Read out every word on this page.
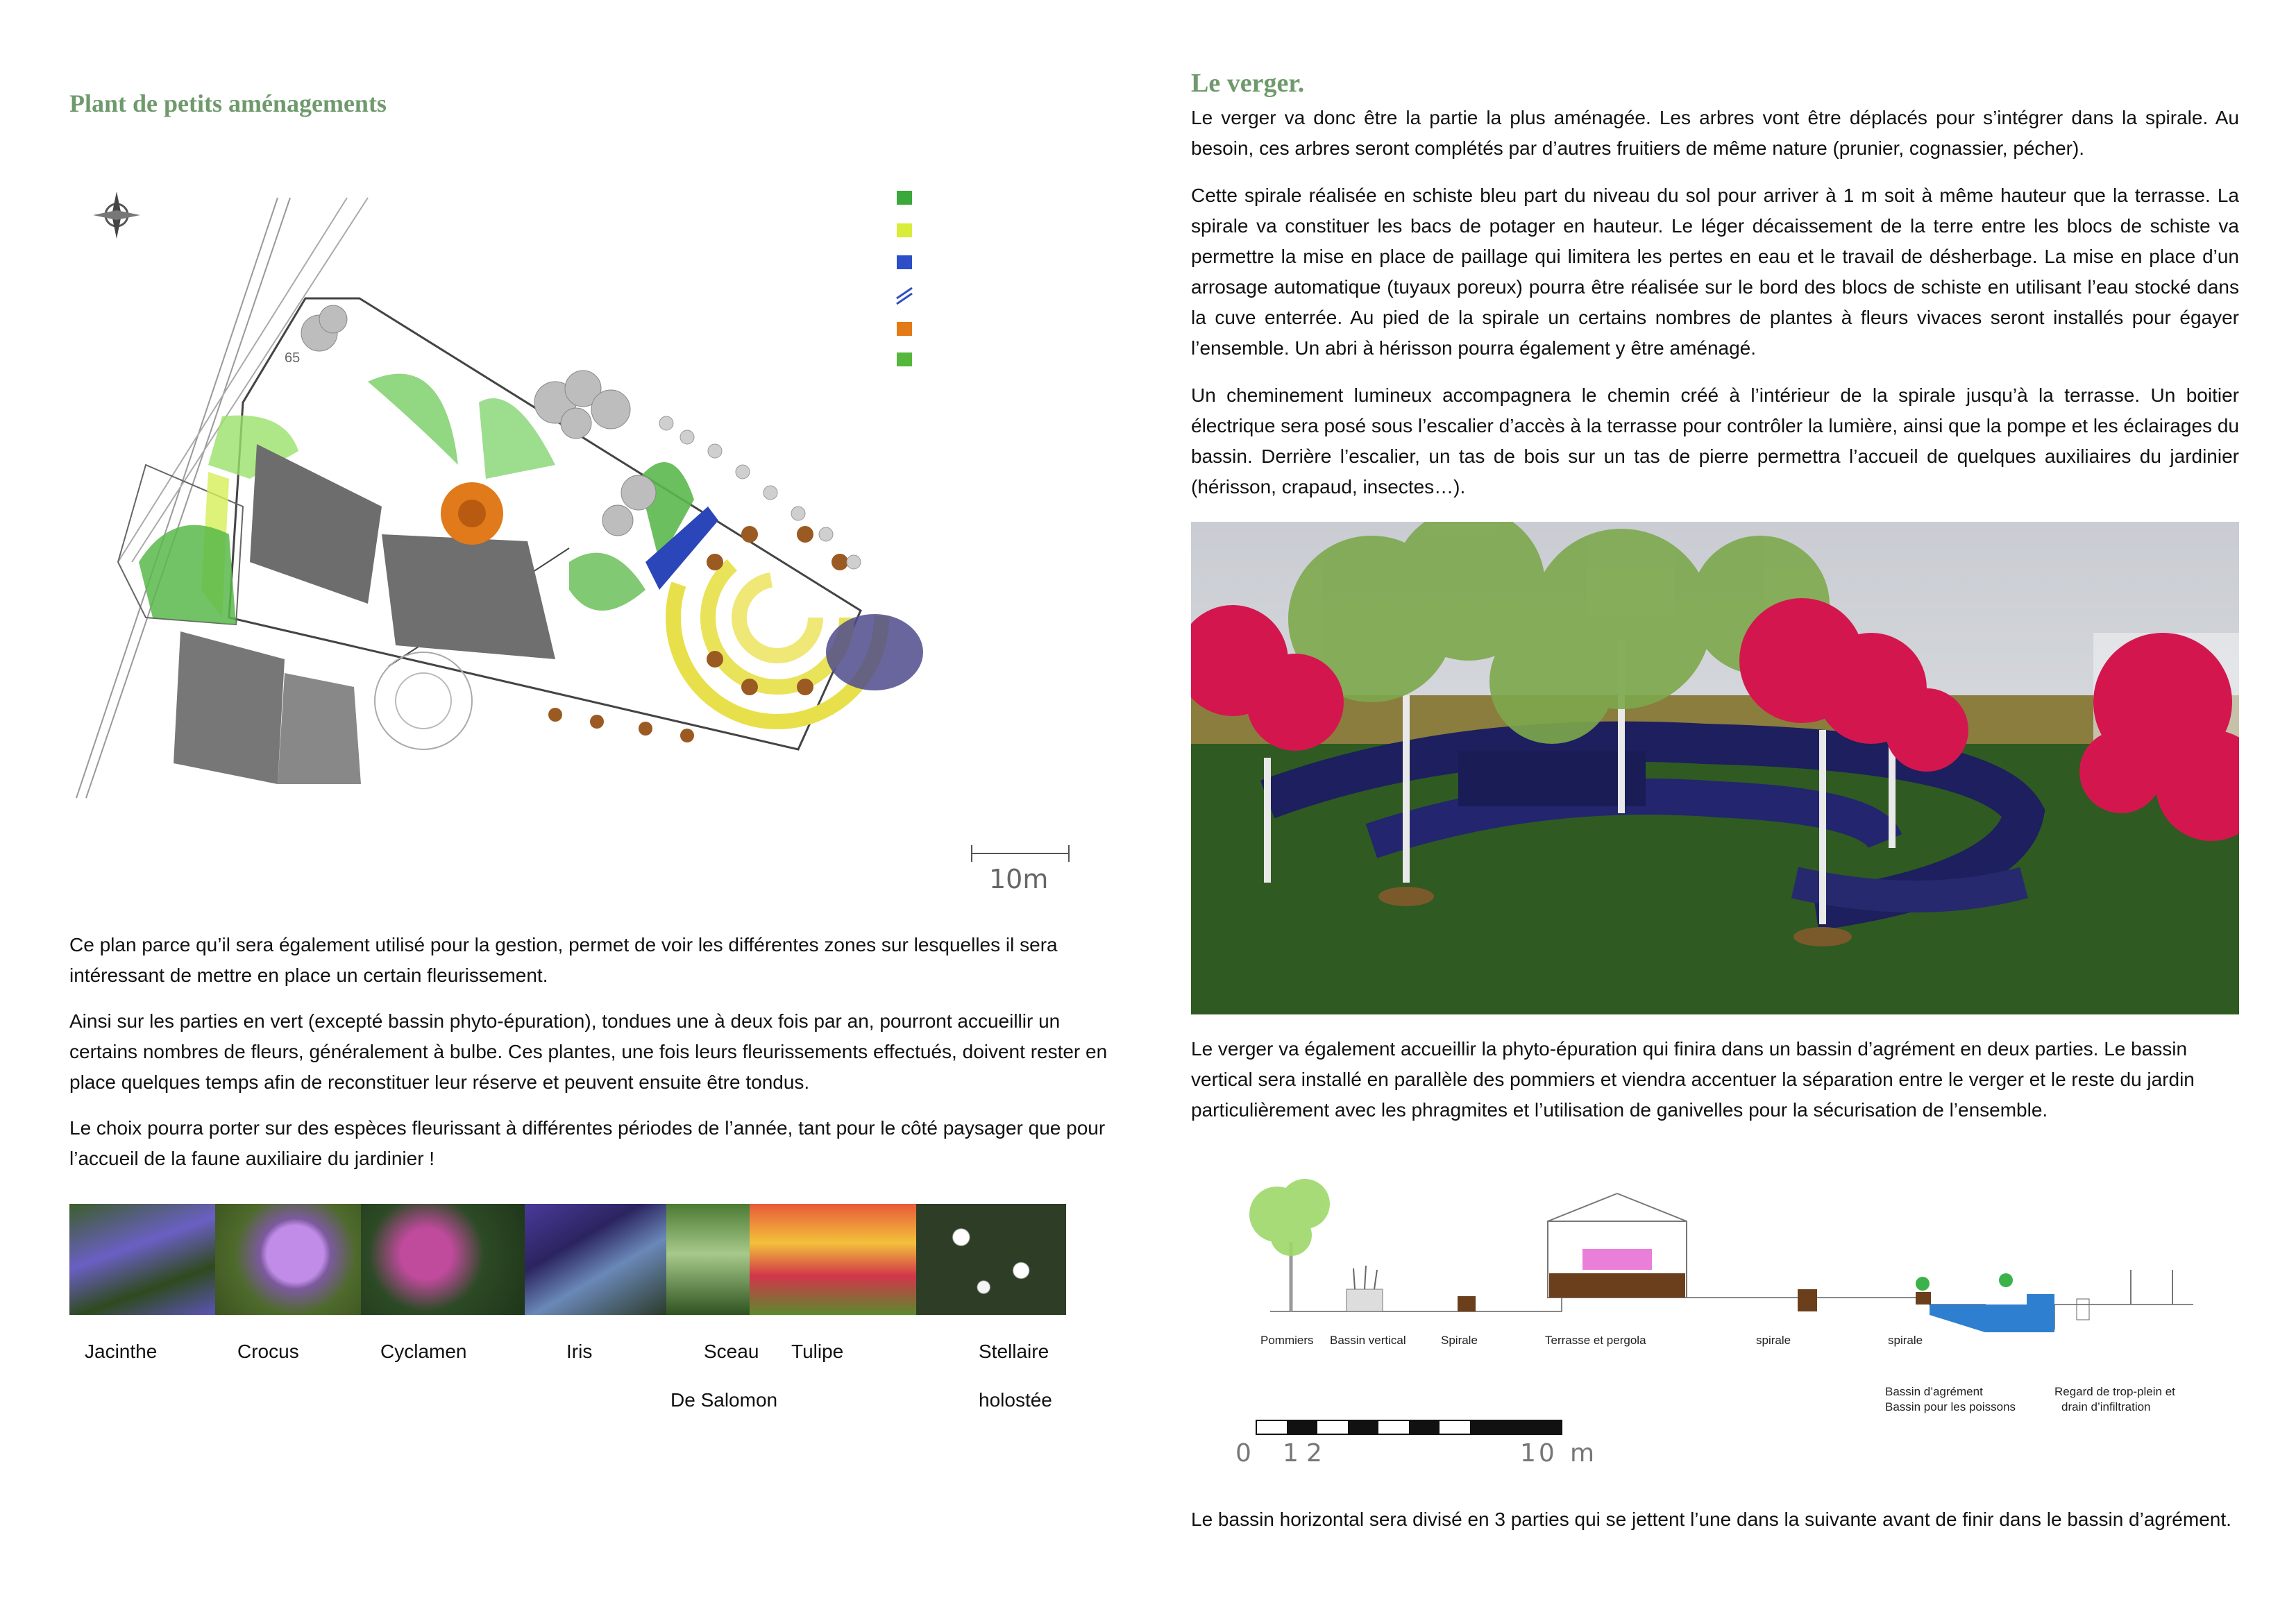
Plant de petits aménagements
65
10m

Ce plan parce qu’il sera également utilisé pour la gestion, permet de voir les différentes zones sur lesquelles il sera intéressant de mettre en place un certain fleurissement.

Ainsi sur les parties en vert (excepté bassin phyto-épuration), tondues une à deux fois par an, pourront accueillir un certains nombres de fleurs, généralement à bulbe. Ces plantes, une fois leurs fleurissements effectués, doivent rester en place quelques temps afin de reconstituer leur réserve et peuvent ensuite être tondus.

Le choix pourra porter sur des espèces fleurissant à différentes périodes de l’année, tant pour le côté paysager que pour l’accueil de la faune auxiliaire du jardinier !

Jacinthe	Crocus	Cyclamen	Iris	Sceau
De Salomon
Tulipe	Stellaire
holostée
Le verger.

Le verger va donc être la partie la plus aménagée. Les arbres vont être déplacés pour s’intégrer dans la spirale. Au besoin, ces arbres seront complétés par d’autres fruitiers de même nature (prunier, cognassier, pécher).

Cette spirale réalisée en schiste bleu part du niveau du sol pour arriver à 1 m soit à même hauteur que la terrasse. La spirale va constituer les bacs de potager en hauteur. Le léger décaissement de la terre entre les blocs de schiste va permettre la mise en place de paillage qui limitera les pertes en eau et le travail de désherbage. La mise en place d’un arrosage automatique (tuyaux poreux) pourra être réalisée sur le bord des blocs de schiste en utilisant l’eau stocké dans la cuve enterrée. Au pied de la spirale un certains nombres de plantes à fleurs vivaces seront installés pour égayer l’ensemble. Un abri à hérisson pourra également y être aménagé.

Un cheminement lumineux accompagnera le chemin créé à l’intérieur de la spirale jusqu’à la terrasse. Un boitier électrique sera posé sous l’escalier d’accès à la terrasse pour contrôler la lumière, ainsi que la pompe et les éclairages du bassin. Derrière l’escalier, un tas de bois sur un tas de pierre permettra l’accueil de quelques auxiliaires du jardinier (hérisson, crapaud, insectes…).

Le verger va également accueillir la phyto-épuration qui finira dans un bassin d’agrément en deux parties. Le bassin vertical sera installé en parallèle des pommiers et viendra accentuer la séparation entre le verger et le reste du jardin particulièrement avec les phragmites et l’utilisation de ganivelles pour la sécurisation de l’ensemble.

Pommiers Bassin vertical	Spirale	Terrasse et pergola	spirale	spirale
Bassin d’agrément
Bassin pour les poissons
Regard de trop-plein et
drain d’infiltration
0 1 2	10 m

Le bassin horizontal sera divisé en 3 parties qui se jettent l’une dans la suivante avant de finir dans le bassin d’agrément.
